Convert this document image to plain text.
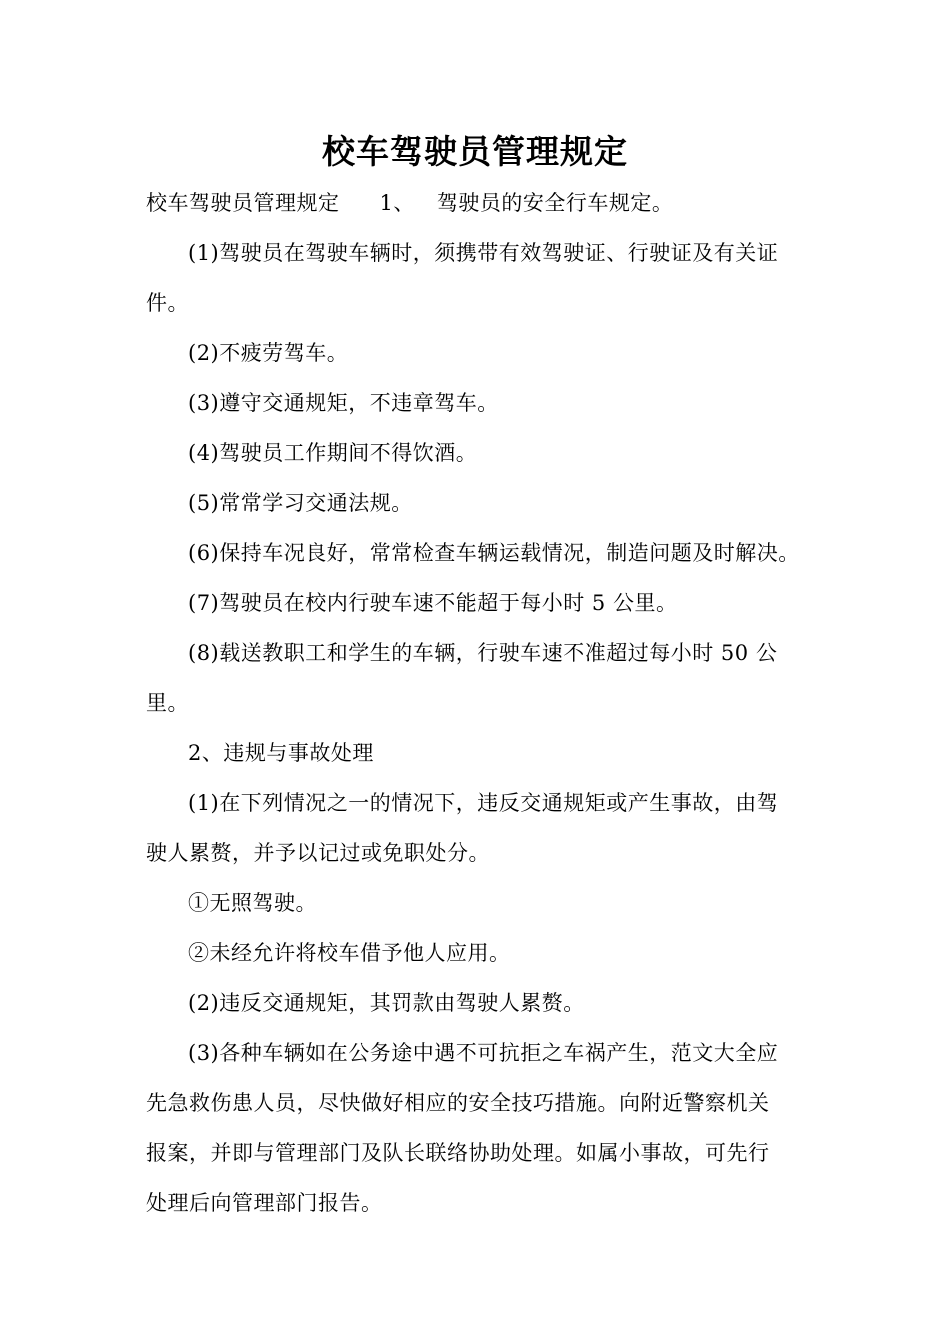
校车驾驶员管理规定

校车驾驶员管理规定 1、 驾驶员的安全行车规定。

(1)驾驶员在驾驶车辆时，须携带有效驾驶证、行驶证及有关证

件。

(2)不疲劳驾车。

(3)遵守交通规矩，不违章驾车。

(4)驾驶员工作期间不得饮酒。

(5)常常学习交通法规。

(6)保持车况良好，常常检查车辆运载情况，制造问题及时解决。

(7)驾驶员在校内行驶车速不能超于每小时 5 公里。

(8)载送教职工和学生的车辆，行驶车速不准超过每小时 50 公

里。

2、违规与事故处理

(1)在下列情况之一的情况下，违反交通规矩或产生事故，由驾

驶人累赘，并予以记过或免职处分。

①无照驾驶。

②未经允许将校车借予他人应用。

(2)违反交通规矩，其罚款由驾驶人累赘。

(3)各种车辆如在公务途中遇不可抗拒之车祸产生，范文大全应

先急救伤患人员，尽快做好相应的安全技巧措施。向附近警察机关

报案，并即与管理部门及队长联络协助处理。如属小事故，可先行

处理后向管理部门报告。
